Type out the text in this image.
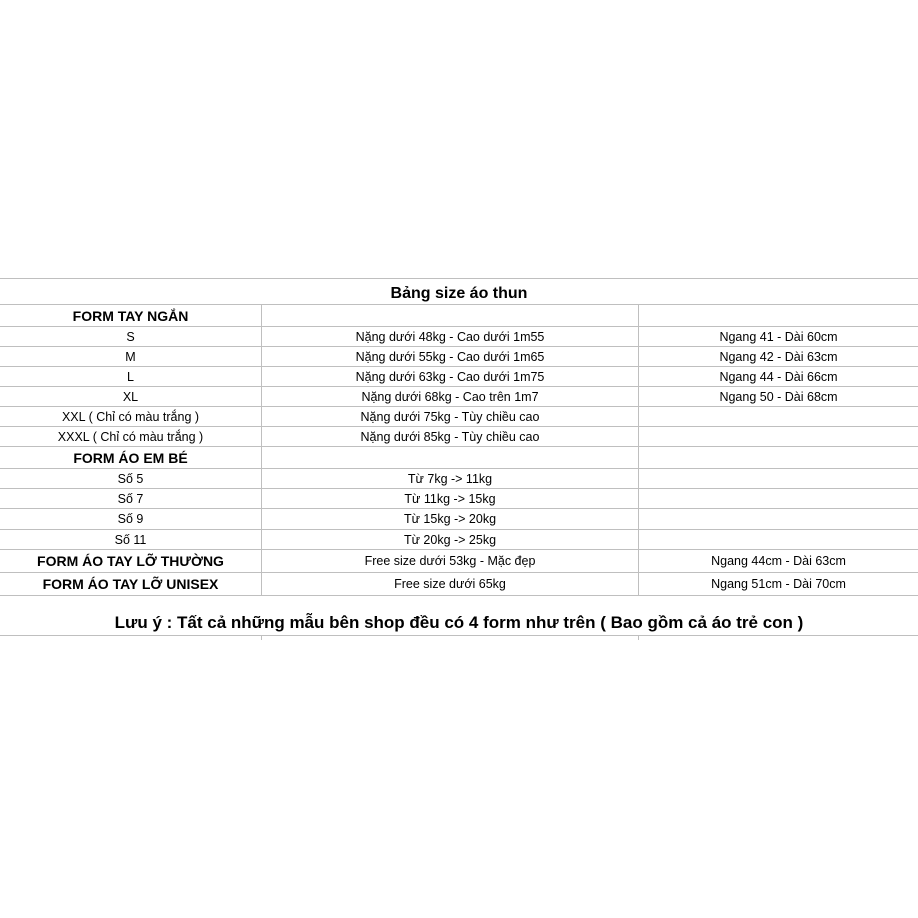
Bảng size áo thun
FORM TAY NGẮN
S	Nặng dưới 48kg - Cao dưới 1m55	Ngang 41 - Dài 60cm
M	Nặng dưới 55kg - Cao dưới 1m65	Ngang 42 - Dài 63cm
L	Nặng dưới 63kg - Cao dưới 1m75	Ngang 44 - Dài 66cm
XL	Nặng dưới 68kg - Cao trên 1m7	Ngang 50 - Dài 68cm
XXL ( Chỉ có màu trắng )	Nặng dưới 75kg - Tùy chiều cao
XXXL ( Chỉ có màu trắng )	Nặng dưới 85kg - Tùy chiều cao
FORM ÁO EM BÉ
Số 5	Từ 7kg -> 11kg
Số 7	Từ 11kg -> 15kg
Số 9	Từ 15kg -> 20kg
Số 11	Từ 20kg -> 25kg
FORM ÁO TAY LỠ THƯỜNG	Free size dưới 53kg - Mặc đẹp	Ngang 44cm - Dài 63cm
FORM ÁO TAY LỠ UNISEX	Free size dưới 65kg	Ngang 51cm - Dài 70cm
Lưu ý : Tất cả những mẫu bên shop đều có 4 form như trên ( Bao gồm cả áo trẻ con )
